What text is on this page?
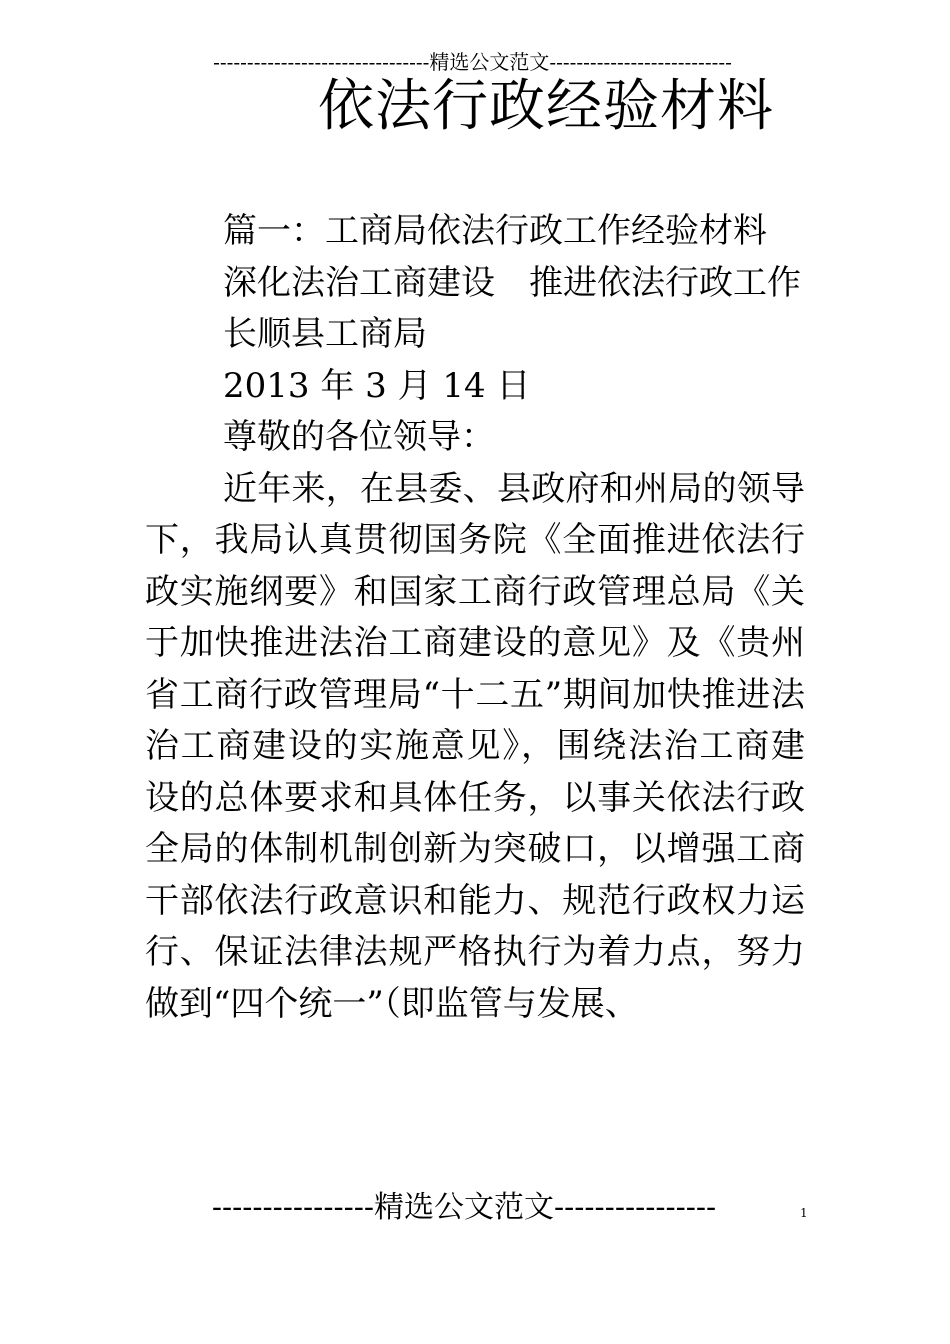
--------------------------------精选公文范文---------------------------
依法行政经验材料

篇一：工商局依法行政工作经验材料

深化法治工商建设　推进依法行政工作

长顺县工商局

2013 年 3 月 14 日

尊敬的各位领导：

近年来，在县委、县政府和州局的领导下，我局认真贯彻国务院《全面推进依法行政实施纲要》和国家工商行政管理总局《关于加快推进法治工商建设的意见》及《贵州省工商行政管理局“十二五”期间加快推进法治工商建设的实施意见》，围绕法治工商建设的总体要求和具体任务，以事关依法行政全局的体制机制创新为突破口，以增强工商干部依法行政意识和能力、规范行政权力运行、保证法律法规严格执行为着力点，努力做到“四个统一”（即监管与发展、

----------------精选公文范文----------------	1
